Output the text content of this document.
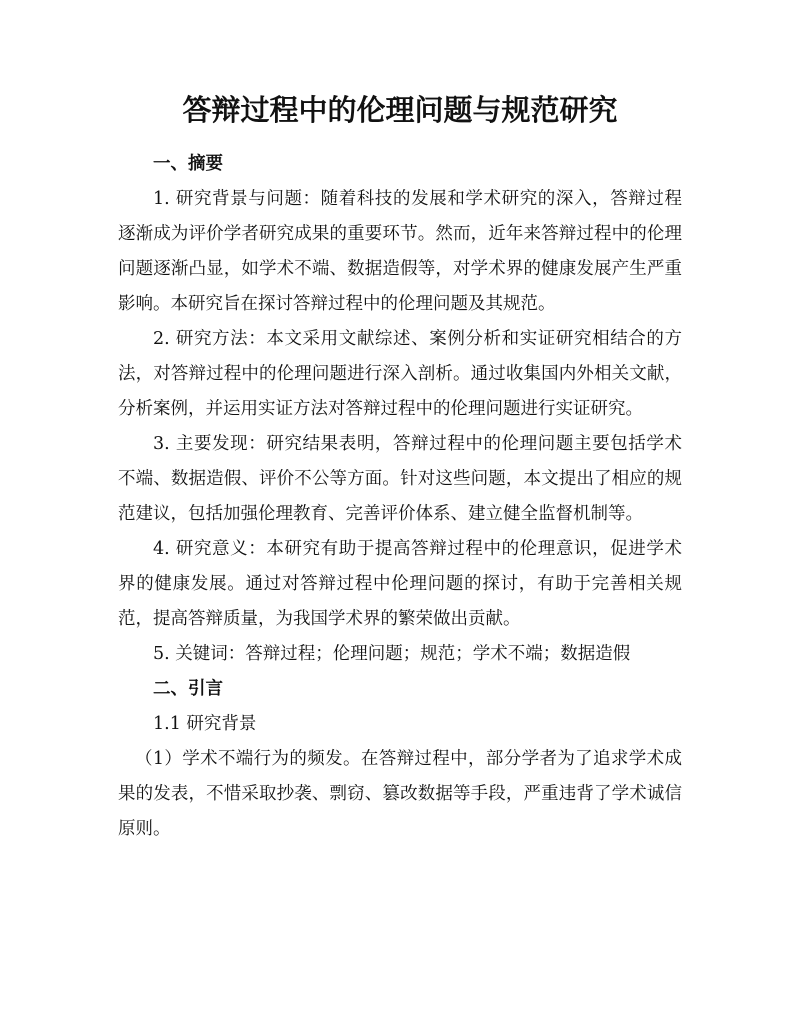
答辩过程中的伦理问题与规范研究

一、摘要

1. 研究背景与问题：随着科技的发展和学术研究的深入，答辩过程逐渐成为评价学者研究成果的重要环节。然而，近年来答辩过程中的伦理问题逐渐凸显，如学术不端、数据造假等，对学术界的健康发展产生严重影响。本研究旨在探讨答辩过程中的伦理问题及其规范。

2. 研究方法：本文采用文献综述、案例分析和实证研究相结合的方法，对答辩过程中的伦理问题进行深入剖析。通过收集国内外相关文献，分析案例，并运用实证方法对答辩过程中的伦理问题进行实证研究。

3. 主要发现：研究结果表明，答辩过程中的伦理问题主要包括学术不端、数据造假、评价不公等方面。针对这些问题，本文提出了相应的规范建议，包括加强伦理教育、完善评价体系、建立健全监督机制等。

4. 研究意义：本研究有助于提高答辩过程中的伦理意识，促进学术界的健康发展。通过对答辩过程中伦理问题的探讨，有助于完善相关规范，提高答辩质量，为我国学术界的繁荣做出贡献。

5. 关键词：答辩过程；伦理问题；规范；学术不端；数据造假

二、引言

1.1 研究背景

（1）学术不端行为的频发。在答辩过程中，部分学者为了追求学术成果的发表，不惜采取抄袭、剽窃、篡改数据等手段，严重违背了学术诚信原则。
